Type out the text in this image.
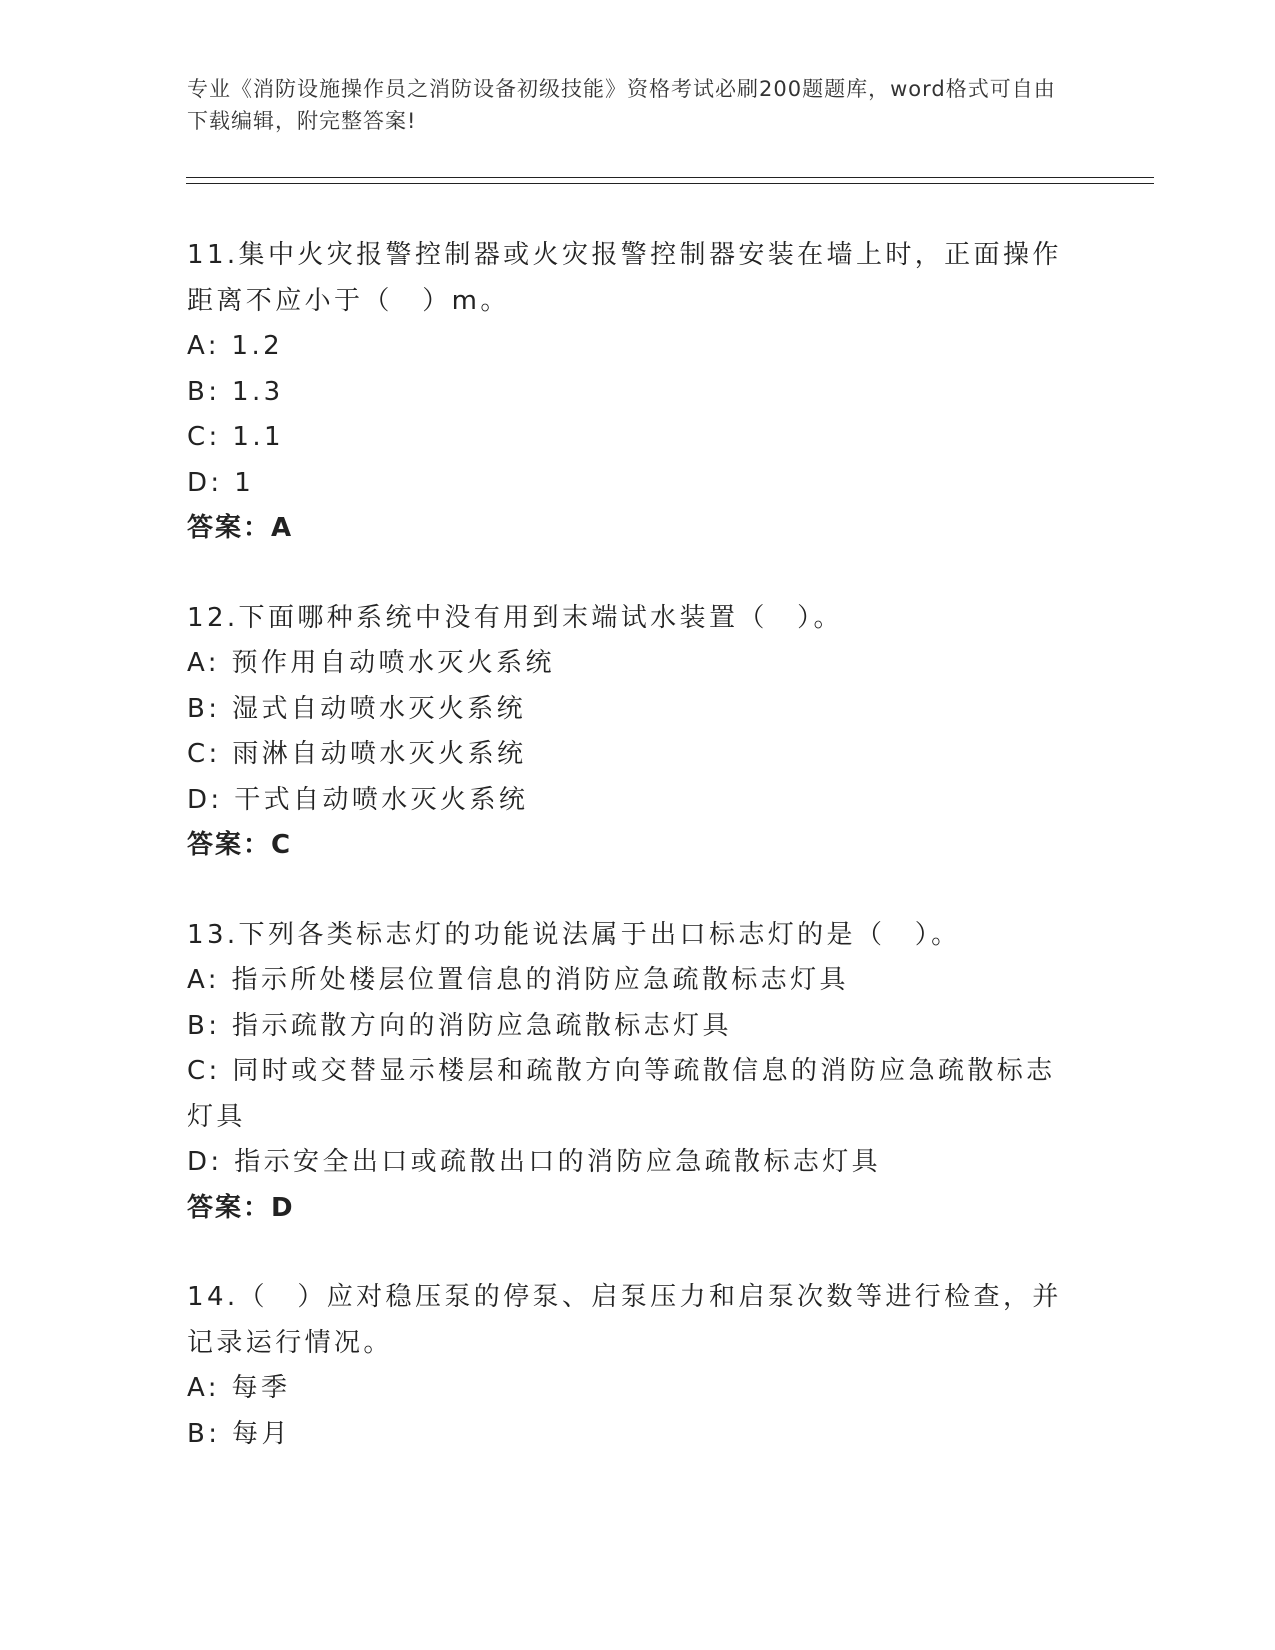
专业《消防设施操作员之消防设备初级技能》资格考试必刷200题题库，word格式可自由下载编辑，附完整答案!
11.集中火灾报警控制器或火灾报警控制器安装在墙上时，正面操作距离不应小于（　）m。
A: 1.2
B: 1.3
C: 1.1
D: 1
答案：A
12.下面哪种系统中没有用到末端试水装置（　）。
A: 预作用自动喷水灭火系统
B: 湿式自动喷水灭火系统
C: 雨淋自动喷水灭火系统
D: 干式自动喷水灭火系统
答案：C
13.下列各类标志灯的功能说法属于出口标志灯的是（　）。
A: 指示所处楼层位置信息的消防应急疏散标志灯具
B: 指示疏散方向的消防应急疏散标志灯具
C: 同时或交替显示楼层和疏散方向等疏散信息的消防应急疏散标志灯具
D: 指示安全出口或疏散出口的消防应急疏散标志灯具
答案：D
14.（　）应对稳压泵的停泵、启泵压力和启泵次数等进行检查，并记录运行情况。
A: 每季
B: 每月
